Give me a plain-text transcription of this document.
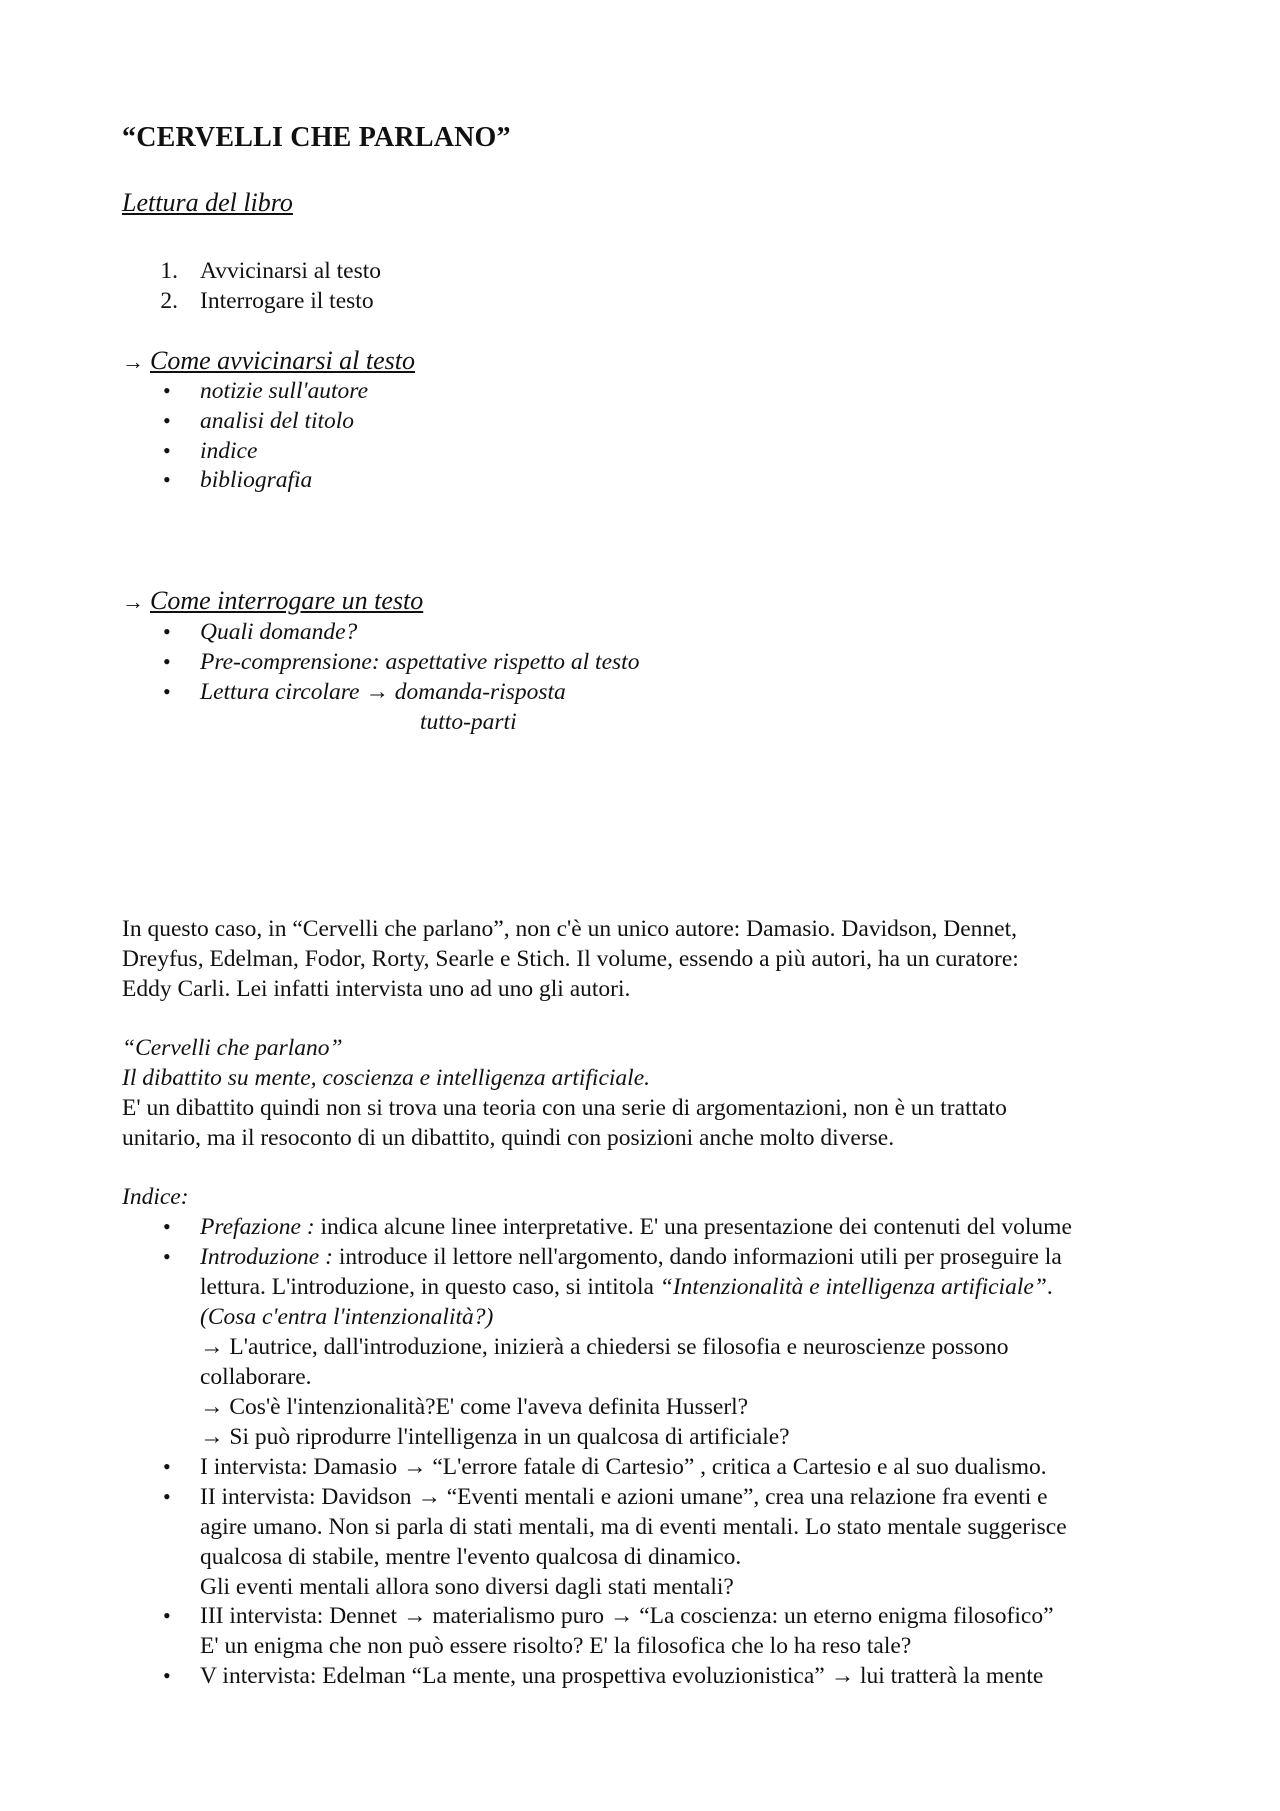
“CERVELLI CHE PARLANO”
Lettura del libro
1. Avvicinarsi al testo
2. Interrogare il testo
→ Come avvicinarsi al testo
• notizie sull'autore
• analisi del titolo
• indice
• bibliografia
→ Come interrogare un testo
• Quali domande?
• Pre-comprensione: aspettative rispetto al testo
• Lettura circolare → domanda-risposta
tutto-parti
In questo caso, in “Cervelli che parlano”, non c'è un unico autore: Damasio. Davidson, Dennet,
Dreyfus, Edelman, Fodor, Rorty, Searle e Stich. Il volume, essendo a più autori, ha un curatore:
Eddy Carli. Lei infatti intervista uno ad uno gli autori.
“Cervelli che parlano”
Il dibattito su mente, coscienza e intelligenza artificiale.
E' un dibattito quindi non si trova una teoria con una serie di argomentazioni, non è un trattato
unitario, ma il resoconto di un dibattito, quindi con posizioni anche molto diverse.
Indice:
• Prefazione : indica alcune linee interpretative. E' una presentazione dei contenuti del volume
• Introduzione : introduce il lettore nell'argomento, dando informazioni utili per proseguire la
lettura. L'introduzione, in questo caso, si intitola “Intenzionalità e intelligenza artificiale”.
(Cosa c'entra l'intenzionalità?)
→ L'autrice, dall'introduzione, inizierà a chiedersi se filosofia e neuroscienze possono
collaborare.
→ Cos'è l'intenzionalità?E' come l'aveva definita Husserl?
→ Si può riprodurre l'intelligenza in un qualcosa di artificiale?
• I intervista: Damasio → “L'errore fatale di Cartesio” , critica a Cartesio e al suo dualismo.
• II intervista: Davidson → “Eventi mentali e azioni umane”, crea una relazione fra eventi e
agire umano. Non si parla di stati mentali, ma di eventi mentali. Lo stato mentale suggerisce
qualcosa di stabile, mentre l'evento qualcosa di dinamico.
Gli eventi mentali allora sono diversi dagli stati mentali?
• III intervista: Dennet → materialismo puro → “La coscienza: un eterno enigma filosofico”
E' un enigma che non può essere risolto? E' la filosofica che lo ha reso tale?
• V intervista: Edelman “La mente, una prospettiva evoluzionistica” → lui tratterà la mente
